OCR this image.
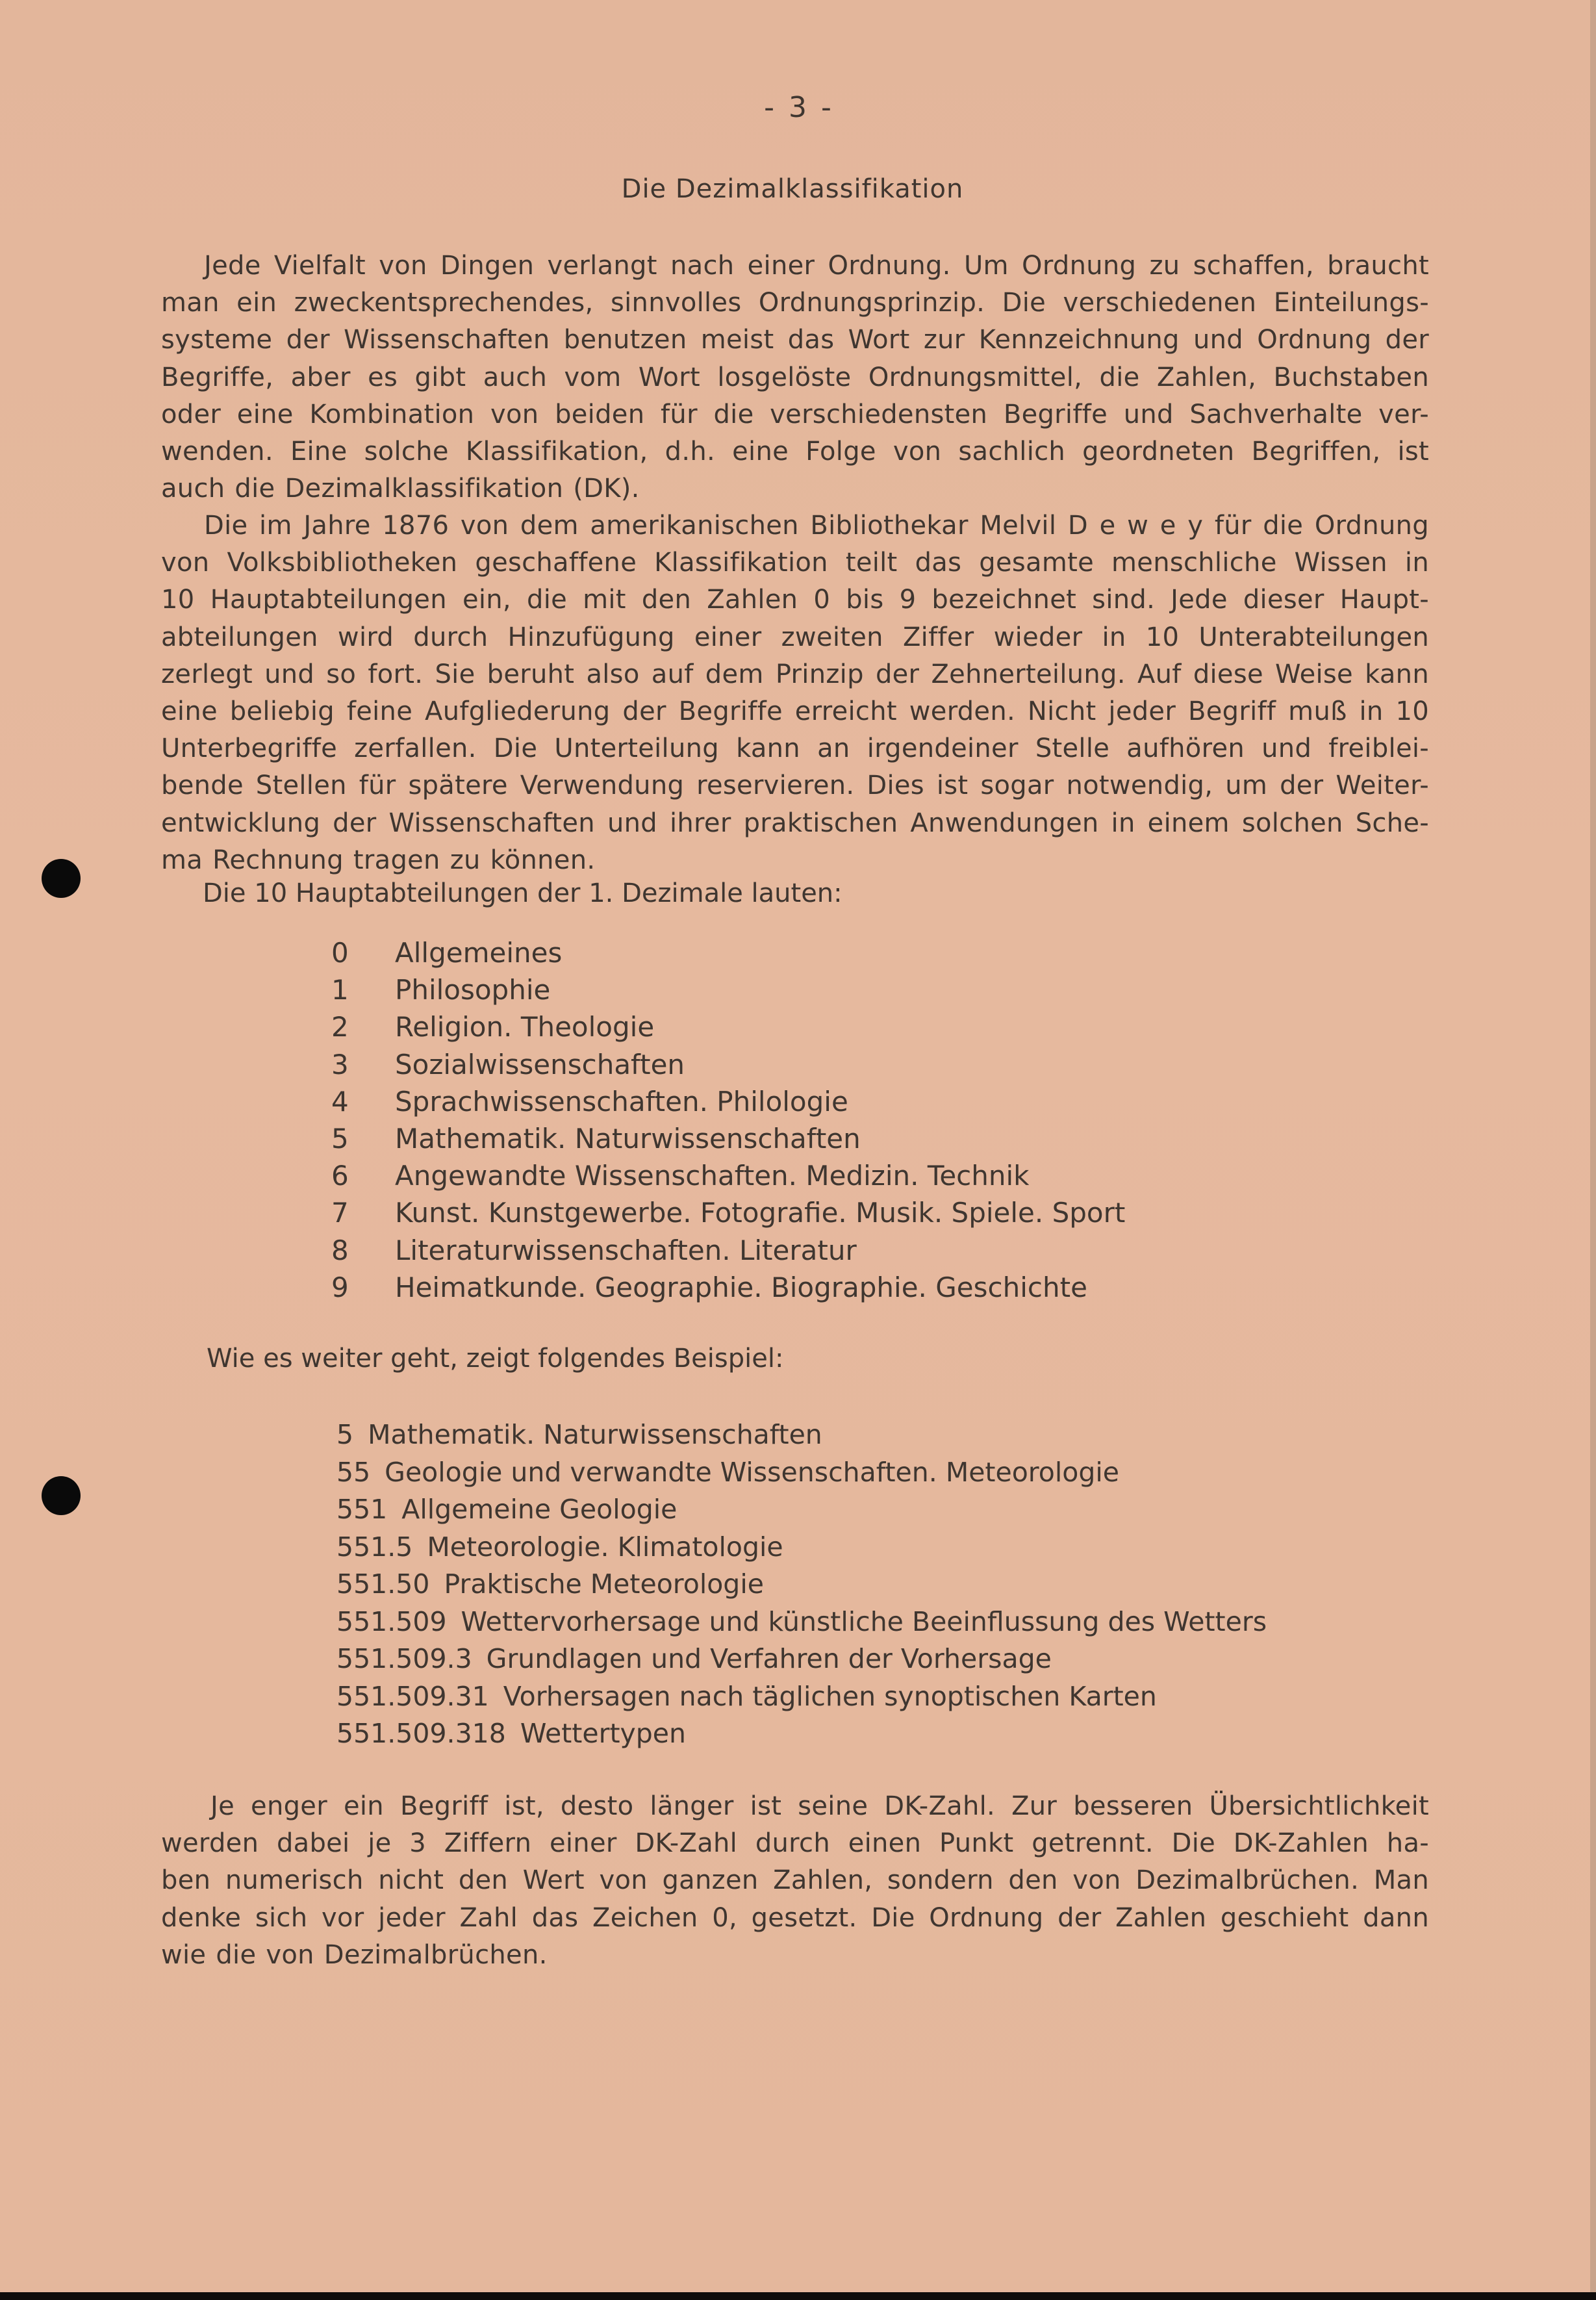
- 3 -
Die Dezimalklassifikation
Jede Vielfalt von Dingen verlangt nach einer Ordnung. Um Ordnung zu schaffen, braucht
man ein zweckentsprechendes, sinnvolles Ordnungsprinzip. Die verschiedenen Einteilungs-
systeme der Wissenschaften benutzen meist das Wort zur Kennzeichnung und Ordnung der
Begriffe, aber es gibt auch vom Wort losgelöste Ordnungsmittel, die Zahlen, Buchstaben
oder eine Kombination von beiden für die verschiedensten Begriffe und Sachverhalte ver-
wenden. Eine solche Klassifikation, d.h. eine Folge von sachlich geordneten Begriffen, ist
auch die Dezimalklassifikation (DK).
Die im Jahre 1876 von dem amerikanischen Bibliothekar Melvil D e w e y für die Ordnung
von Volksbibliotheken geschaffene Klassifikation teilt das gesamte menschliche Wissen in
10 Hauptabteilungen ein, die mit den Zahlen 0 bis 9 bezeichnet sind. Jede dieser Haupt-
abteilungen wird durch Hinzufügung einer zweiten Ziffer wieder in 10 Unterabteilungen
zerlegt und so fort. Sie beruht also auf dem Prinzip der Zehnerteilung. Auf diese Weise kann
eine beliebig feine Aufgliederung der Begriffe erreicht werden. Nicht jeder Begriff muß in 10
Unterbegriffe zerfallen. Die Unterteilung kann an irgendeiner Stelle aufhören und freiblei-
bende Stellen für spätere Verwendung reservieren. Dies ist sogar notwendig, um der Weiter-
entwicklung der Wissenschaften und ihrer praktischen Anwendungen in einem solchen Sche-
ma Rechnung tragen zu können.
Die 10 Hauptabteilungen der 1. Dezimale lauten:
0	Allgemeines
1	Philosophie
2	Religion. Theologie
3	Sozialwissenschaften
4	Sprachwissenschaften. Philologie
5	Mathematik. Naturwissenschaften
6	Angewandte Wissenschaften. Medizin. Technik
7	Kunst. Kunstgewerbe. Fotografie. Musik. Spiele. Sport
8	Literaturwissenschaften. Literatur
9	Heimatkunde. Geographie. Biographie. Geschichte
Wie es weiter geht, zeigt folgendes Beispiel:
5 Mathematik. Naturwissenschaften
55 Geologie und verwandte Wissenschaften. Meteorologie
551 Allgemeine Geologie
551.5 Meteorologie. Klimatologie
551.50 Praktische Meteorologie
551.509 Wettervorhersage und künstliche Beeinflussung des Wetters
551.509.3 Grundlagen und Verfahren der Vorhersage
551.509.31 Vorhersagen nach täglichen synoptischen Karten
551.509.318 Wettertypen
Je enger ein Begriff ist, desto länger ist seine DK-Zahl. Zur besseren Übersichtlichkeit
werden dabei je 3 Ziffern einer DK-Zahl durch einen Punkt getrennt. Die DK-Zahlen ha-
ben numerisch nicht den Wert von ganzen Zahlen, sondern den von Dezimalbrüchen. Man
denke sich vor jeder Zahl das Zeichen 0, gesetzt. Die Ordnung der Zahlen geschieht dann
wie die von Dezimalbrüchen.
